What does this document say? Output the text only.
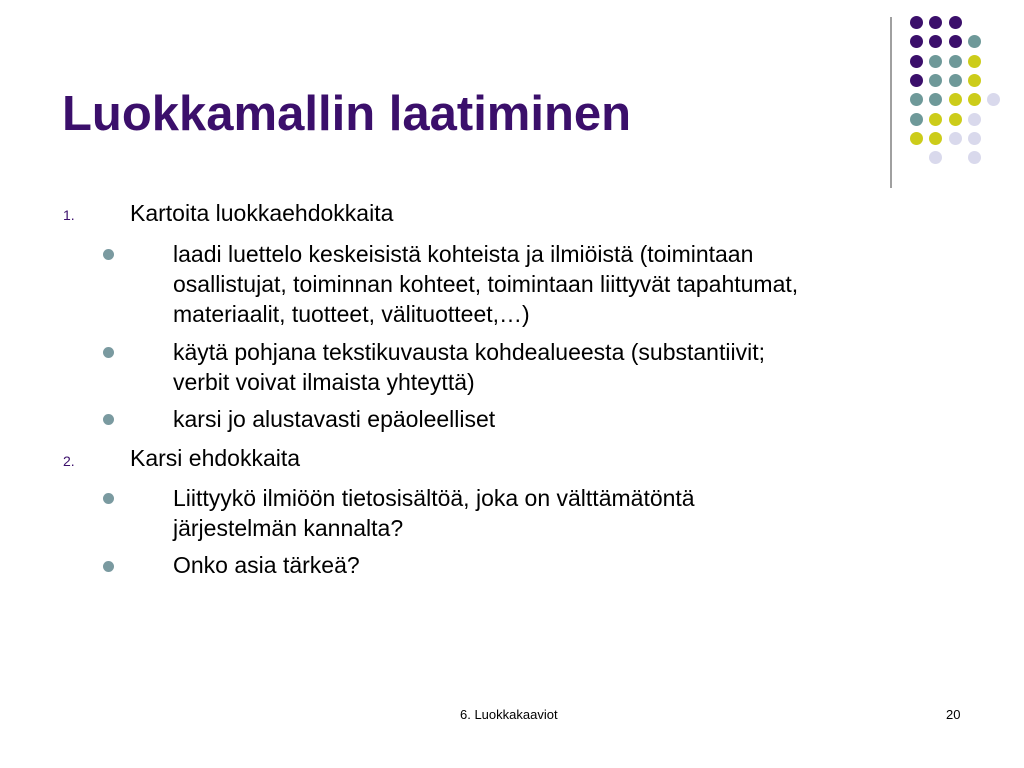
Luokkamallin laatiminen
1. Kartoita luokkaehdokkaita
laadi luettelo keskeisistä kohteista ja ilmiöistä (toimintaan
osallistujat, toiminnan kohteet, toimintaan liittyvät tapahtumat,
materiaalit, tuotteet, välituotteet,…)
käytä pohjana tekstikuvausta kohdealueesta (substantiivit;
verbit voivat ilmaista yhteyttä)
karsi jo alustavasti epäoleelliset
2. Karsi ehdokkaita
Liittyykö ilmiöön tietosisältöä, joka on välttämätöntä
järjestelmän kannalta?
Onko asia tärkeä?
6. Luokkakaaviot	20
